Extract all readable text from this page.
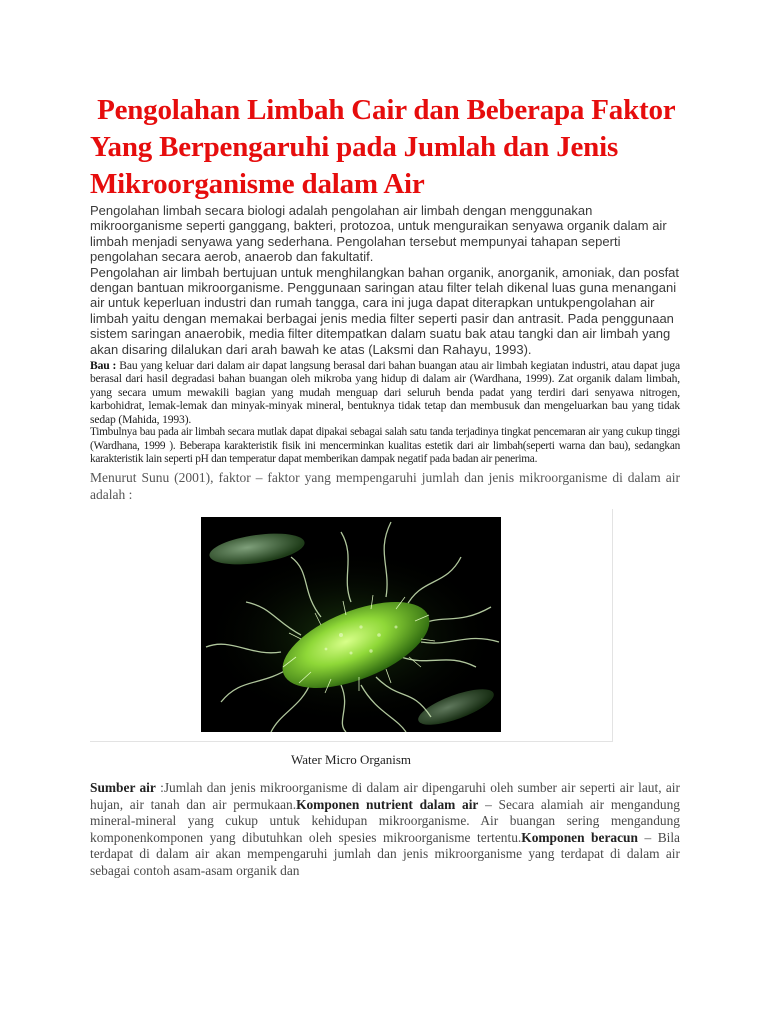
Pengolahan Limbah Cair dan Beberapa Faktor Yang Berpengaruhi pada Jumlah dan Jenis Mikroorganisme dalam Air

Pengolahan limbah secara biologi adalah pengolahan air limbah dengan menggunakan mikroorganisme seperti ganggang, bakteri, protozoa, untuk menguraikan senyawa organik dalam air limbah menjadi senyawa yang sederhana. Pengolahan tersebut mempunyai tahapan seperti pengolahan secara aerob, anaerob dan fakultatif.

Pengolahan air limbah bertujuan untuk menghilangkan bahan organik, anorganik, amoniak, dan posfat dengan bantuan mikroorganisme. Penggunaan saringan atau filter telah dikenal luas guna menangani air untuk keperluan industri dan rumah tangga, cara ini juga dapat diterapkan untukpengolahan air limbah yaitu dengan memakai berbagai jenis media filter seperti pasir dan antrasit. Pada penggunaan sistem saringan anaerobik, media filter ditempatkan dalam suatu bak atau tangki dan air limbah yang akan disaring dilalukan dari arah bawah ke atas (Laksmi dan Rahayu, 1993).

Bau : Bau yang keluar dari dalam air dapat langsung berasal dari bahan buangan atau air limbah kegiatan industri, atau dapat juga berasal dari hasil degradasi bahan buangan oleh mikroba yang hidup di dalam air (Wardhana, 1999). Zat organik dalam limbah, yang secara umum mewakili bagian yang mudah menguap dari seluruh benda padat yang terdiri dari senyawa nitrogen, karbohidrat, lemak-lemak dan minyak-minyak mineral, bentuknya tidak tetap dan membusuk dan mengeluarkan bau yang tidak sedap (Mahida, 1993).

Timbulnya bau pada air limbah secara mutlak dapat dipakai sebagai salah satu tanda terjadinya tingkat pencemaran air yang cukup tinggi (Wardhana, 1999 ). Beberapa karakteristik fisik ini mencerminkan kualitas estetik dari air limbah(seperti warna dan bau), sedangkan karakteristik lain seperti pH dan temperatur dapat memberikan dampak negatif pada badan air penerima.

Menurut Sunu (2001), faktor – faktor yang mempengaruhi jumlah dan jenis mikroorganisme di dalam air adalah :

Water Micro Organism

Sumber air :Jumlah dan jenis mikroorganisme di dalam air dipengaruhi oleh sumber air seperti air laut, air hujan, air tanah dan air permukaan.Komponen nutrient dalam air – Secara alamiah air mengandung mineral-mineral yang cukup untuk kehidupan mikroorganisme. Air buangan sering mengandung komponenkomponen yang dibutuhkan oleh spesies mikroorganisme tertentu.Komponen beracun – Bila terdapat di dalam air akan mempengaruhi jumlah dan jenis mikroorganisme yang terdapat di dalam air sebagai contoh asam-asam organik dan
